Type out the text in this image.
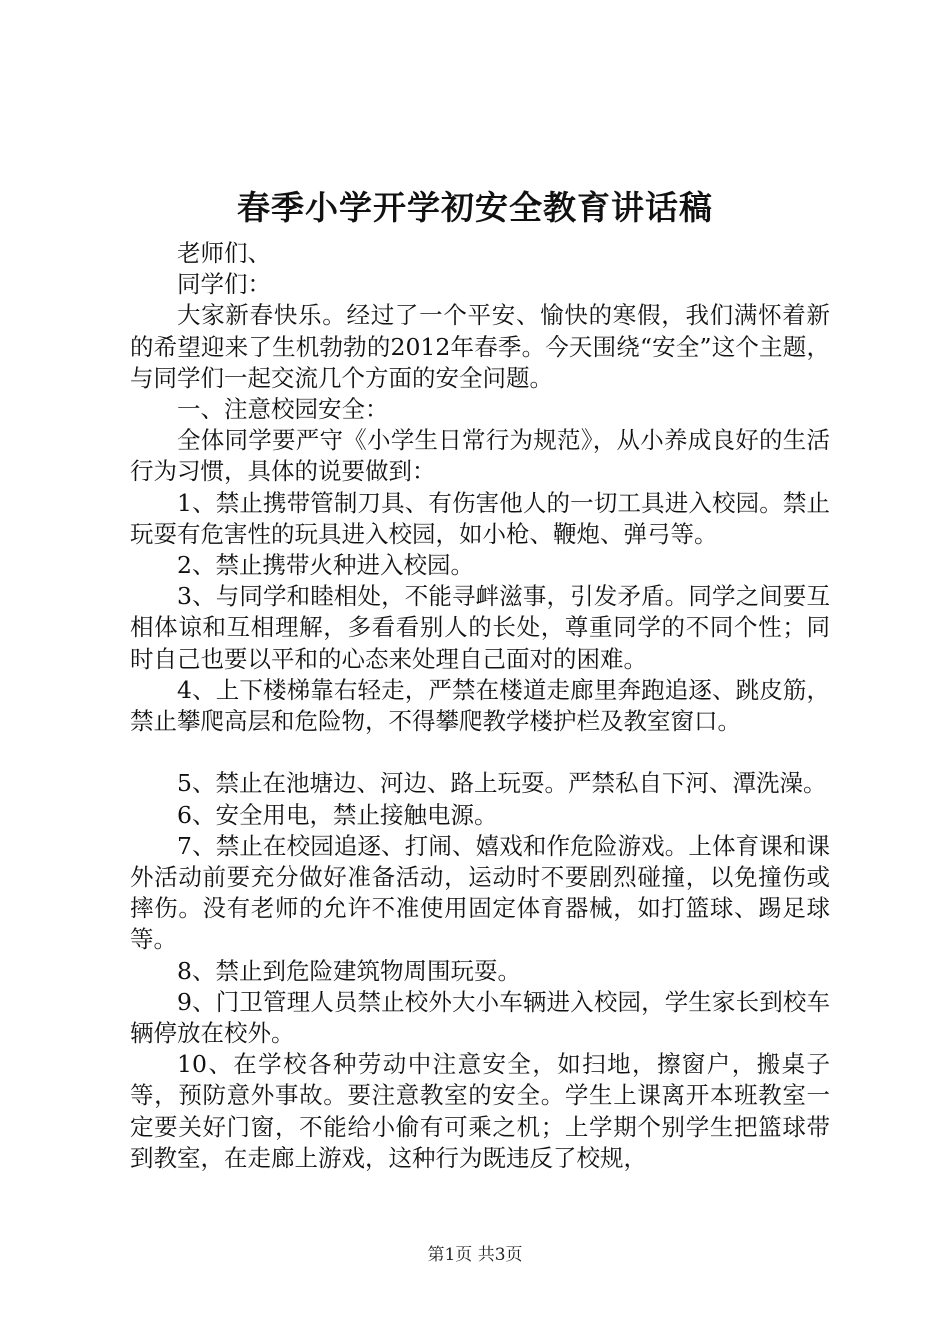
春季小学开学初安全教育讲话稿

老师们、

同学们：

大家新春快乐。经过了一个平安、愉快的寒假，我们满怀着新的希望迎来了生机勃勃的2012年春季。今天围绕“安全”这个主题，与同学们一起交流几个方面的安全问题。

一、注意校园安全：

全体同学要严守《小学生日常行为规范》，从小养成良好的生活行为习惯，具体的说要做到：

1、禁止携带管制刀具、有伤害他人的一切工具进入校园。禁止玩耍有危害性的玩具进入校园，如小枪、鞭炮、弹弓等。

2、禁止携带火种进入校园。

3、与同学和睦相处，不能寻衅滋事，引发矛盾。同学之间要互相体谅和互相理解，多看看别人的长处，尊重同学的不同个性；同时自己也要以平和的心态来处理自己面对的困难。

4、上下楼梯靠右轻走，严禁在楼道走廊里奔跑追逐、跳皮筋，禁止攀爬高层和危险物，不得攀爬教学楼护栏及教室窗口。

5、禁止在池塘边、河边、路上玩耍。严禁私自下河、潭洗澡。

6、安全用电，禁止接触电源。

7、禁止在校园追逐、打闹、嬉戏和作危险游戏。上体育课和课外活动前要充分做好准备活动，运动时不要剧烈碰撞，以免撞伤或摔伤。没有老师的允许不准使用固定体育器械，如打篮球、踢足球等。

8、禁止到危险建筑物周围玩耍。

9、门卫管理人员禁止校外大小车辆进入校园，学生家长到校车辆停放在校外。

10、在学校各种劳动中注意安全，如扫地，擦窗户，搬桌子等，预防意外事故。要注意教室的安全。学生上课离开本班教室一定要关好门窗，不能给小偷有可乘之机；上学期个别学生把篮球带到教室，在走廊上游戏，这种行为既违反了校规，

第1页 共3页
